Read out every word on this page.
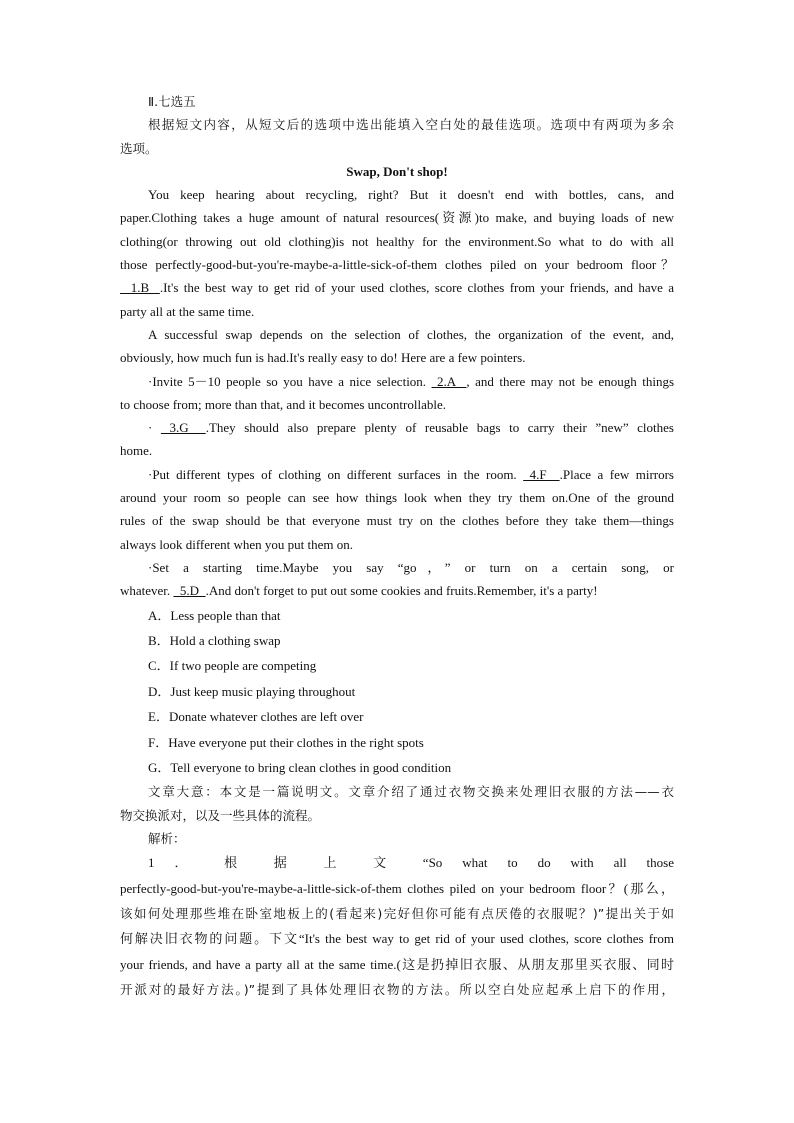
Ⅱ.七选五
根据短文内容，从短文后的选项中选出能填入空白处的最佳选项。选项中有两项为多余
选项。
Swap, Don't shop!
You keep hearing about recycling, right? But it doesn't end with bottles, cans, and
paper.Clothing takes a huge amount of natural resources(资源)to make, and buying loads of new
clothing(or throwing out old clothing)is not healthy for the environment.So what to do with all
those perfectly-good-but-you're-maybe-a-little-sick-of-them clothes piled on your bedroom floor？
1.B  .It's the best way to get rid of your used clothes, score clothes from your friends, and have a
party all at the same time.
A successful swap depends on the selection of clothes, the organization of the event, and,
obviously, how much fun is had.It's really easy to do! Here are a few pointers.
·Invite 5－10 people so you have a nice selection.  2.A  , and there may not be enough things
to choose from; more than that, and it becomes uncontrollable.
·  3.G  .They should also prepare plenty of reusable bags to carry their ”new” clothes
home.
·Put different types of clothing on different surfaces in the room.  4.F  .Place a few mirrors
around your room so people can see how things look when they try them on.One of the ground
rules of the swap should be that everyone must try on the clothes before they take them—things
always look different when you put them on.
·Set a starting time.Maybe you say “go，” or turn on a certain song, or
whatever.   5.D  .And don't forget to put out some cookies and fruits.Remember, it's a party!
A．Less people than that
B．Hold a clothing swap
C．If two people are competing
D．Just keep music playing throughout
E．Donate whatever clothes are left over
F．Have everyone put their clothes in the right spots
G．Tell everyone to bring clean clothes in good condition
文章大意：本文是一篇说明文。文章介绍了通过衣物交换来处理旧衣服的方法——衣
物交换派对，以及一些具体的流程。
解析：
1 ． 根 据 上 文 “So what to do with all those
perfectly-good-but-you're-maybe-a-little-sick-of-them clothes piled on your bedroom floor？(那么，
该如何处理那些堆在卧室地板上的(看起来)完好但你可能有点厌倦的衣服呢？)”提出关于如
何解决旧衣物的问题。下文“It's the best way to get rid of your used clothes, score clothes from
your friends, and have a party all at the same time.(这是扔掉旧衣服、从朋友那里买衣服、同时
开派对的最好方法。)”提到了具体处理旧衣物的方法。所以空白处应起承上启下的作用，
